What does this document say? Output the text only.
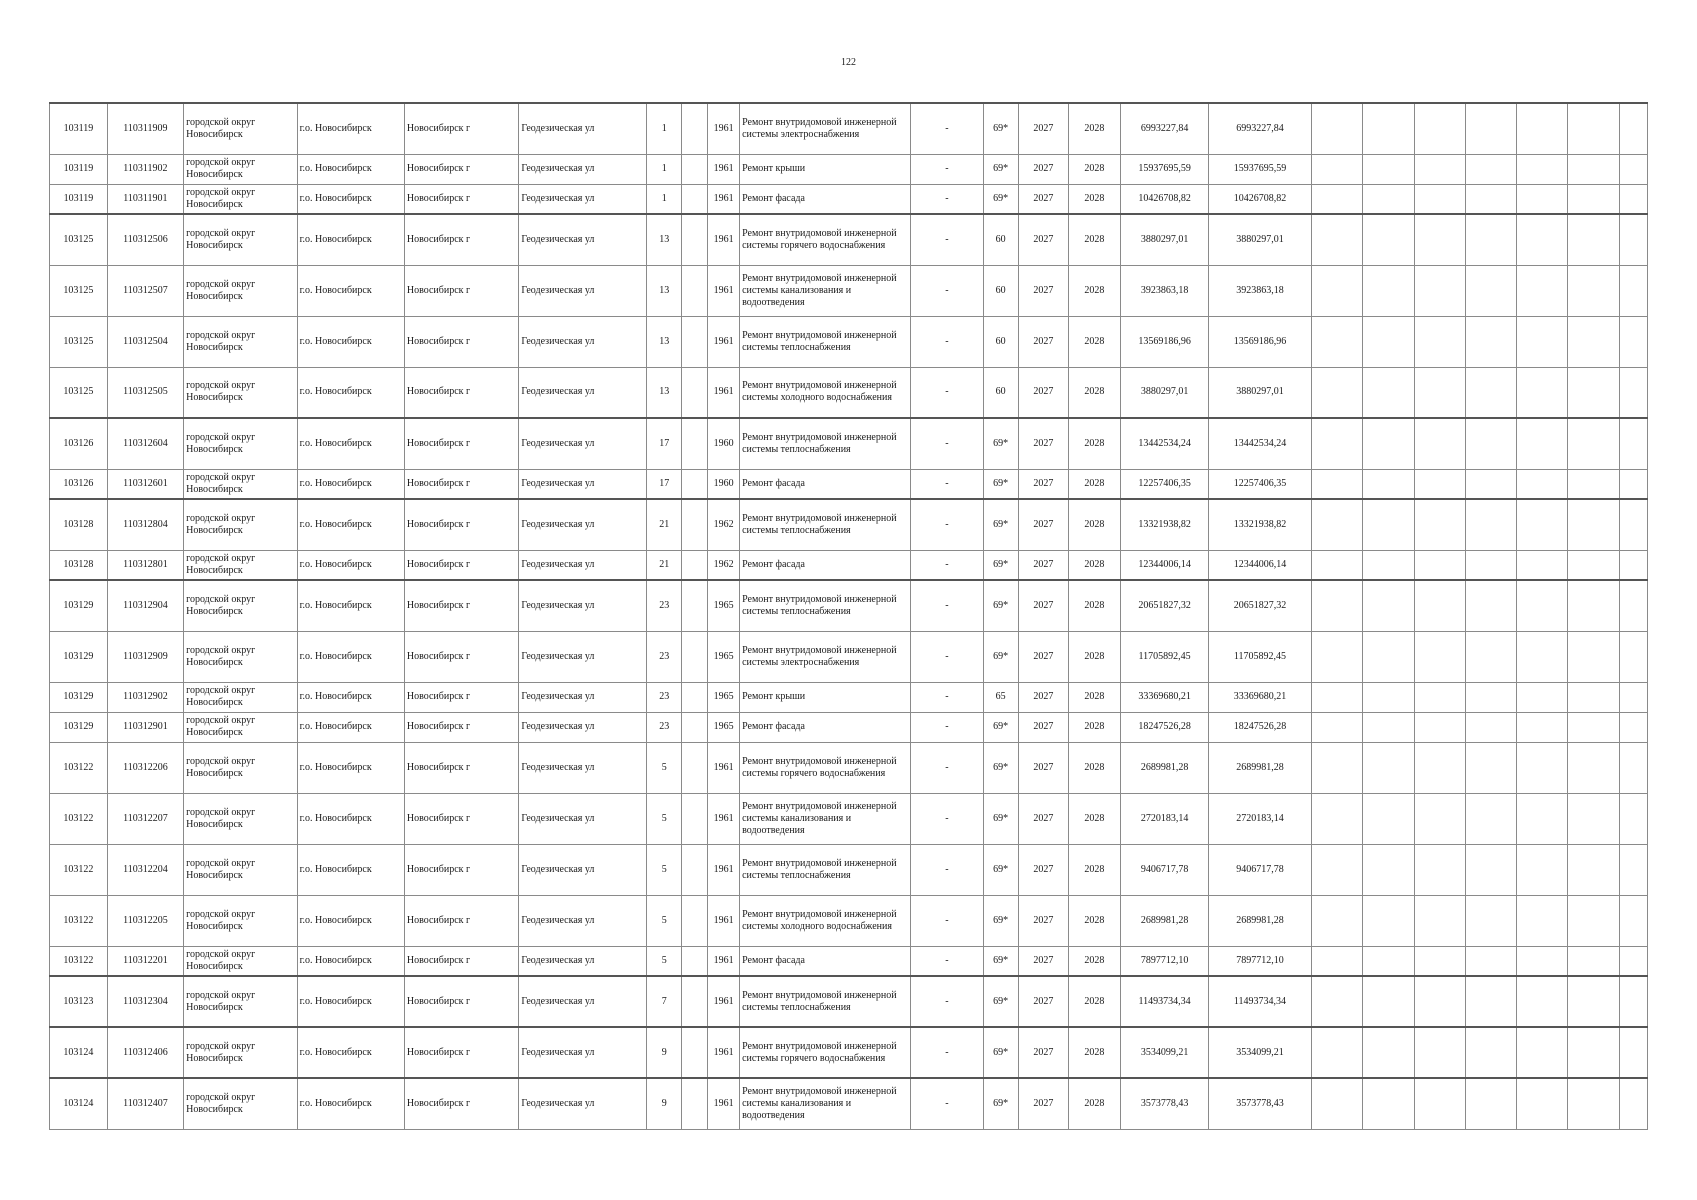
122
103119	110311909	городской округ Новосибирск	г.о. Новосибирск	Новосибирск г	Геодезическая ул	1		1961	Ремонт внутридомовой инженерной системы электроснабжения	-	69*	2027	2028	6993227,84	6993227,84							
103119	110311902	городской округ Новосибирск	г.о. Новосибирск	Новосибирск г	Геодезическая ул	1		1961	Ремонт крыши	-	69*	2027	2028	15937695,59	15937695,59							
103119	110311901	городской округ Новосибирск	г.о. Новосибирск	Новосибирск г	Геодезическая ул	1		1961	Ремонт фасада	-	69*	2027	2028	10426708,82	10426708,82							
103125	110312506	городской округ Новосибирск	г.о. Новосибирск	Новосибирск г	Геодезическая ул	13		1961	Ремонт внутридомовой инженерной системы горячего водоснабжения	-	60	2027	2028	3880297,01	3880297,01							
103125	110312507	городской округ Новосибирск	г.о. Новосибирск	Новосибирск г	Геодезическая ул	13		1961	Ремонт внутридомовой инженерной системы канализования и водоотведения	-	60	2027	2028	3923863,18	3923863,18							
103125	110312504	городской округ Новосибирск	г.о. Новосибирск	Новосибирск г	Геодезическая ул	13		1961	Ремонт внутридомовой инженерной системы теплоснабжения	-	60	2027	2028	13569186,96	13569186,96							
103125	110312505	городской округ Новосибирск	г.о. Новосибирск	Новосибирск г	Геодезическая ул	13		1961	Ремонт внутридомовой инженерной системы холодного водоснабжения	-	60	2027	2028	3880297,01	3880297,01							
103126	110312604	городской округ Новосибирск	г.о. Новосибирск	Новосибирск г	Геодезическая ул	17		1960	Ремонт внутридомовой инженерной системы теплоснабжения	-	69*	2027	2028	13442534,24	13442534,24							
103126	110312601	городской округ Новосибирск	г.о. Новосибирск	Новосибирск г	Геодезическая ул	17		1960	Ремонт фасада	-	69*	2027	2028	12257406,35	12257406,35							
103128	110312804	городской округ Новосибирск	г.о. Новосибирск	Новосибирск г	Геодезическая ул	21		1962	Ремонт внутридомовой инженерной системы теплоснабжения	-	69*	2027	2028	13321938,82	13321938,82							
103128	110312801	городской округ Новосибирск	г.о. Новосибирск	Новосибирск г	Геодезическая ул	21		1962	Ремонт фасада	-	69*	2027	2028	12344006,14	12344006,14							
103129	110312904	городской округ Новосибирск	г.о. Новосибирск	Новосибирск г	Геодезическая ул	23		1965	Ремонт внутридомовой инженерной системы теплоснабжения	-	69*	2027	2028	20651827,32	20651827,32							
103129	110312909	городской округ Новосибирск	г.о. Новосибирск	Новосибирск г	Геодезическая ул	23		1965	Ремонт внутридомовой инженерной системы электроснабжения	-	69*	2027	2028	11705892,45	11705892,45							
103129	110312902	городской округ Новосибирск	г.о. Новосибирск	Новосибирск г	Геодезическая ул	23		1965	Ремонт крыши	-	65	2027	2028	33369680,21	33369680,21							
103129	110312901	городской округ Новосибирск	г.о. Новосибирск	Новосибирск г	Геодезическая ул	23		1965	Ремонт фасада	-	69*	2027	2028	18247526,28	18247526,28							
103122	110312206	городской округ Новосибирск	г.о. Новосибирск	Новосибирск г	Геодезическая ул	5		1961	Ремонт внутридомовой инженерной системы горячего водоснабжения	-	69*	2027	2028	2689981,28	2689981,28							
103122	110312207	городской округ Новосибирск	г.о. Новосибирск	Новосибирск г	Геодезическая ул	5		1961	Ремонт внутридомовой инженерной системы канализования и водоотведения	-	69*	2027	2028	2720183,14	2720183,14							
103122	110312204	городской округ Новосибирск	г.о. Новосибирск	Новосибирск г	Геодезическая ул	5		1961	Ремонт внутридомовой инженерной системы теплоснабжения	-	69*	2027	2028	9406717,78	9406717,78							
103122	110312205	городской округ Новосибирск	г.о. Новосибирск	Новосибирск г	Геодезическая ул	5		1961	Ремонт внутридомовой инженерной системы холодного водоснабжения	-	69*	2027	2028	2689981,28	2689981,28							
103122	110312201	городской округ Новосибирск	г.о. Новосибирск	Новосибирск г	Геодезическая ул	5		1961	Ремонт фасада	-	69*	2027	2028	7897712,10	7897712,10							
103123	110312304	городской округ Новосибирск	г.о. Новосибирск	Новосибирск г	Геодезическая ул	7		1961	Ремонт внутридомовой инженерной системы теплоснабжения	-	69*	2027	2028	11493734,34	11493734,34							
103124	110312406	городской округ Новосибирск	г.о. Новосибирск	Новосибирск г	Геодезическая ул	9		1961	Ремонт внутридомовой инженерной системы горячего водоснабжения	-	69*	2027	2028	3534099,21	3534099,21							
103124	110312407	городской округ Новосибирск	г.о. Новосибирск	Новосибирск г	Геодезическая ул	9		1961	Ремонт внутридомовой инженерной системы канализования и водоотведения	-	69*	2027	2028	3573778,43	3573778,43							
